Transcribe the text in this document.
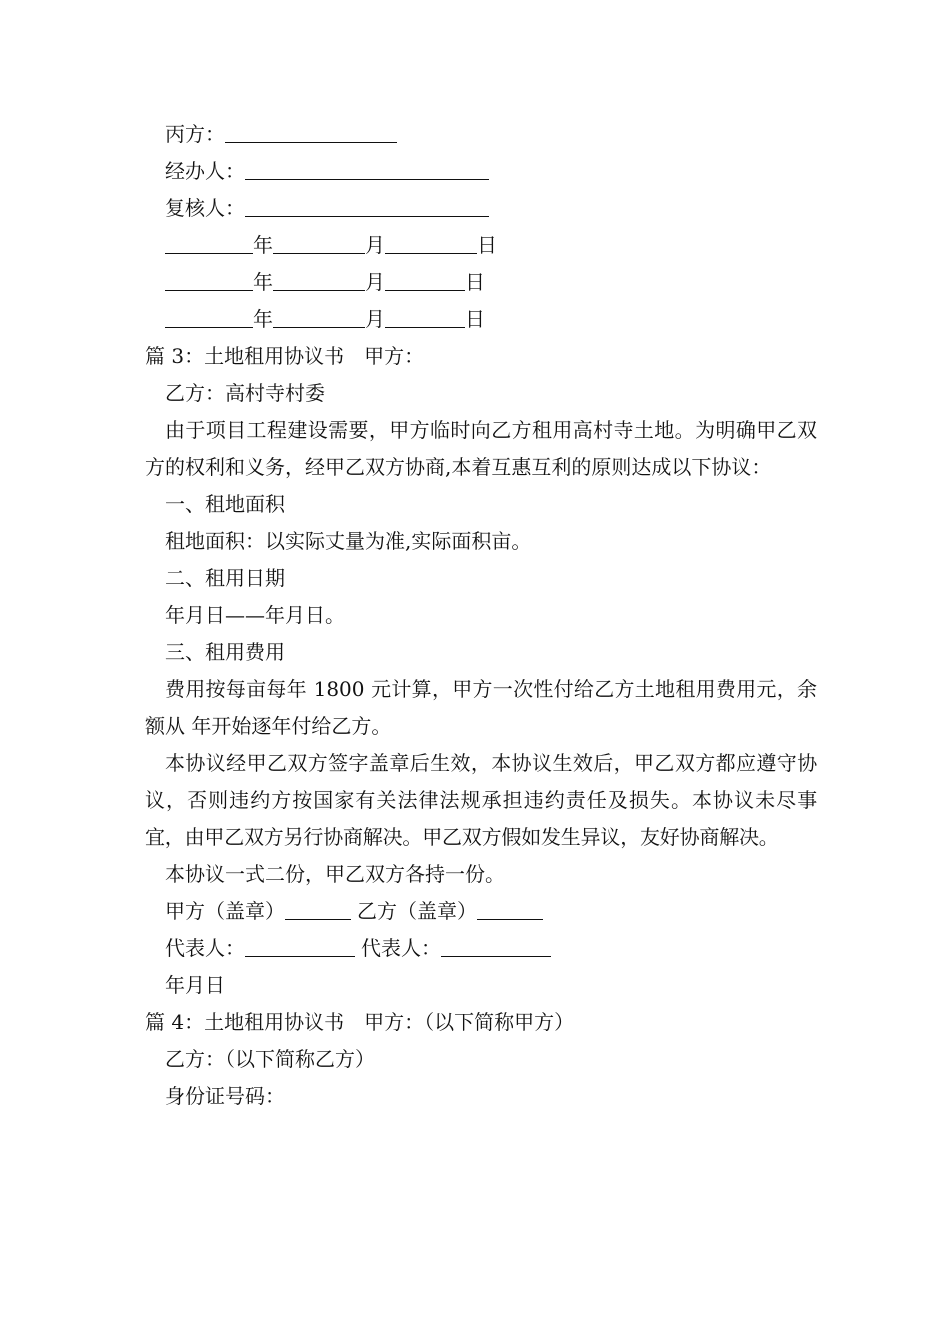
丙方：
经办人：
复核人：
年	月	日
年	月	日
年	月	日
篇 3：土地租用协议书 甲方：
乙方：高村寺村委

由于项目工程建设需要，甲方临时向乙方租用高村寺土地。为明确甲乙双方的权利和义务，经甲乙双方协商,本着互惠互利的原则达成以下协议：

一、租地面积
租地面积：以实际丈量为准,实际面积亩。
二、租用日期
年月日——年月日。
三、租用费用

费用按每亩每年 1800 元计算，甲方一次性付给乙方土地租用费用元，余额从 年开始逐年付给乙方。

本协议经甲乙双方签字盖章后生效，本协议生效后，甲乙双方都应遵守协议，否则违约方按国家有关法律法规承担违约责任及损失。本协议未尽事宜，由甲乙双方另行协商解决。甲乙双方假如发生异议，友好协商解决。

本协议一式二份，甲乙双方各持一份。
甲方（盖章）	乙方（盖章）
代表人：	代表人：
年月日
篇 4：土地租用协议书 甲方：（以下简称甲方）
乙方：（以下简称乙方）
身份证号码：
